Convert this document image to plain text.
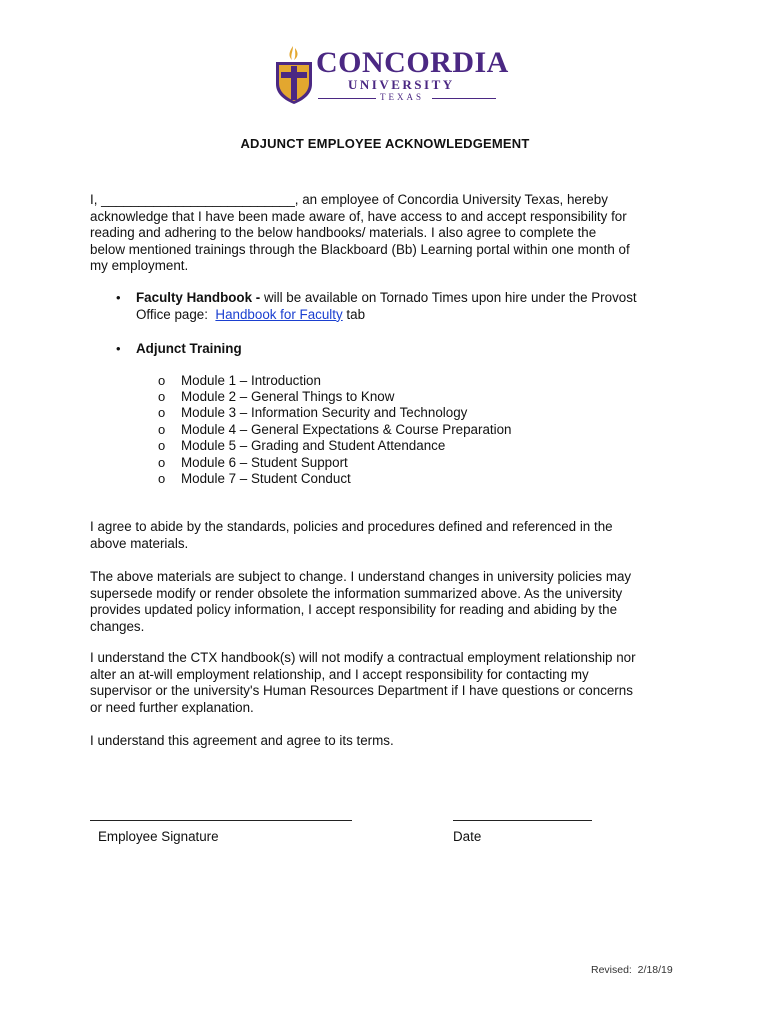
CONCORDIA
UNIVERSITY
TEXAS
ADJUNCT EMPLOYEE ACKNOWLEDGEMENT
I, __________________________, an employee of Concordia University Texas, hereby
acknowledge that I have been made aware of, have access to and accept responsibility for
reading and adhering to the below handbooks/ materials. I also agree to complete the
below mentioned trainings through the Blackboard (Bb) Learning portal within one month of
my employment.
• Faculty Handbook - will be available on Tornado Times upon hire under the Provost
Office page:  Handbook for Faculty tab
• Adjunct Training
o Module 1 – Introduction
o Module 2 – General Things to Know
o Module 3 – Information Security and Technology
o Module 4 – General Expectations & Course Preparation
o Module 5 – Grading and Student Attendance
o Module 6 – Student Support
o Module 7 – Student Conduct
I agree to abide by the standards, policies and procedures defined and referenced in the
above materials.
The above materials are subject to change. I understand changes in university policies may
supersede modify or render obsolete the information summarized above. As the university
provides updated policy information, I accept responsibility for reading and abiding by the
changes.
I understand the CTX handbook(s) will not modify a contractual employment relationship nor
alter an at-will employment relationship, and I accept responsibility for contacting my
supervisor or the university's Human Resources Department if I have questions or concerns
or need further explanation.
I understand this agreement and agree to its terms.
Employee Signature	Date
Revised:  2/18/19
